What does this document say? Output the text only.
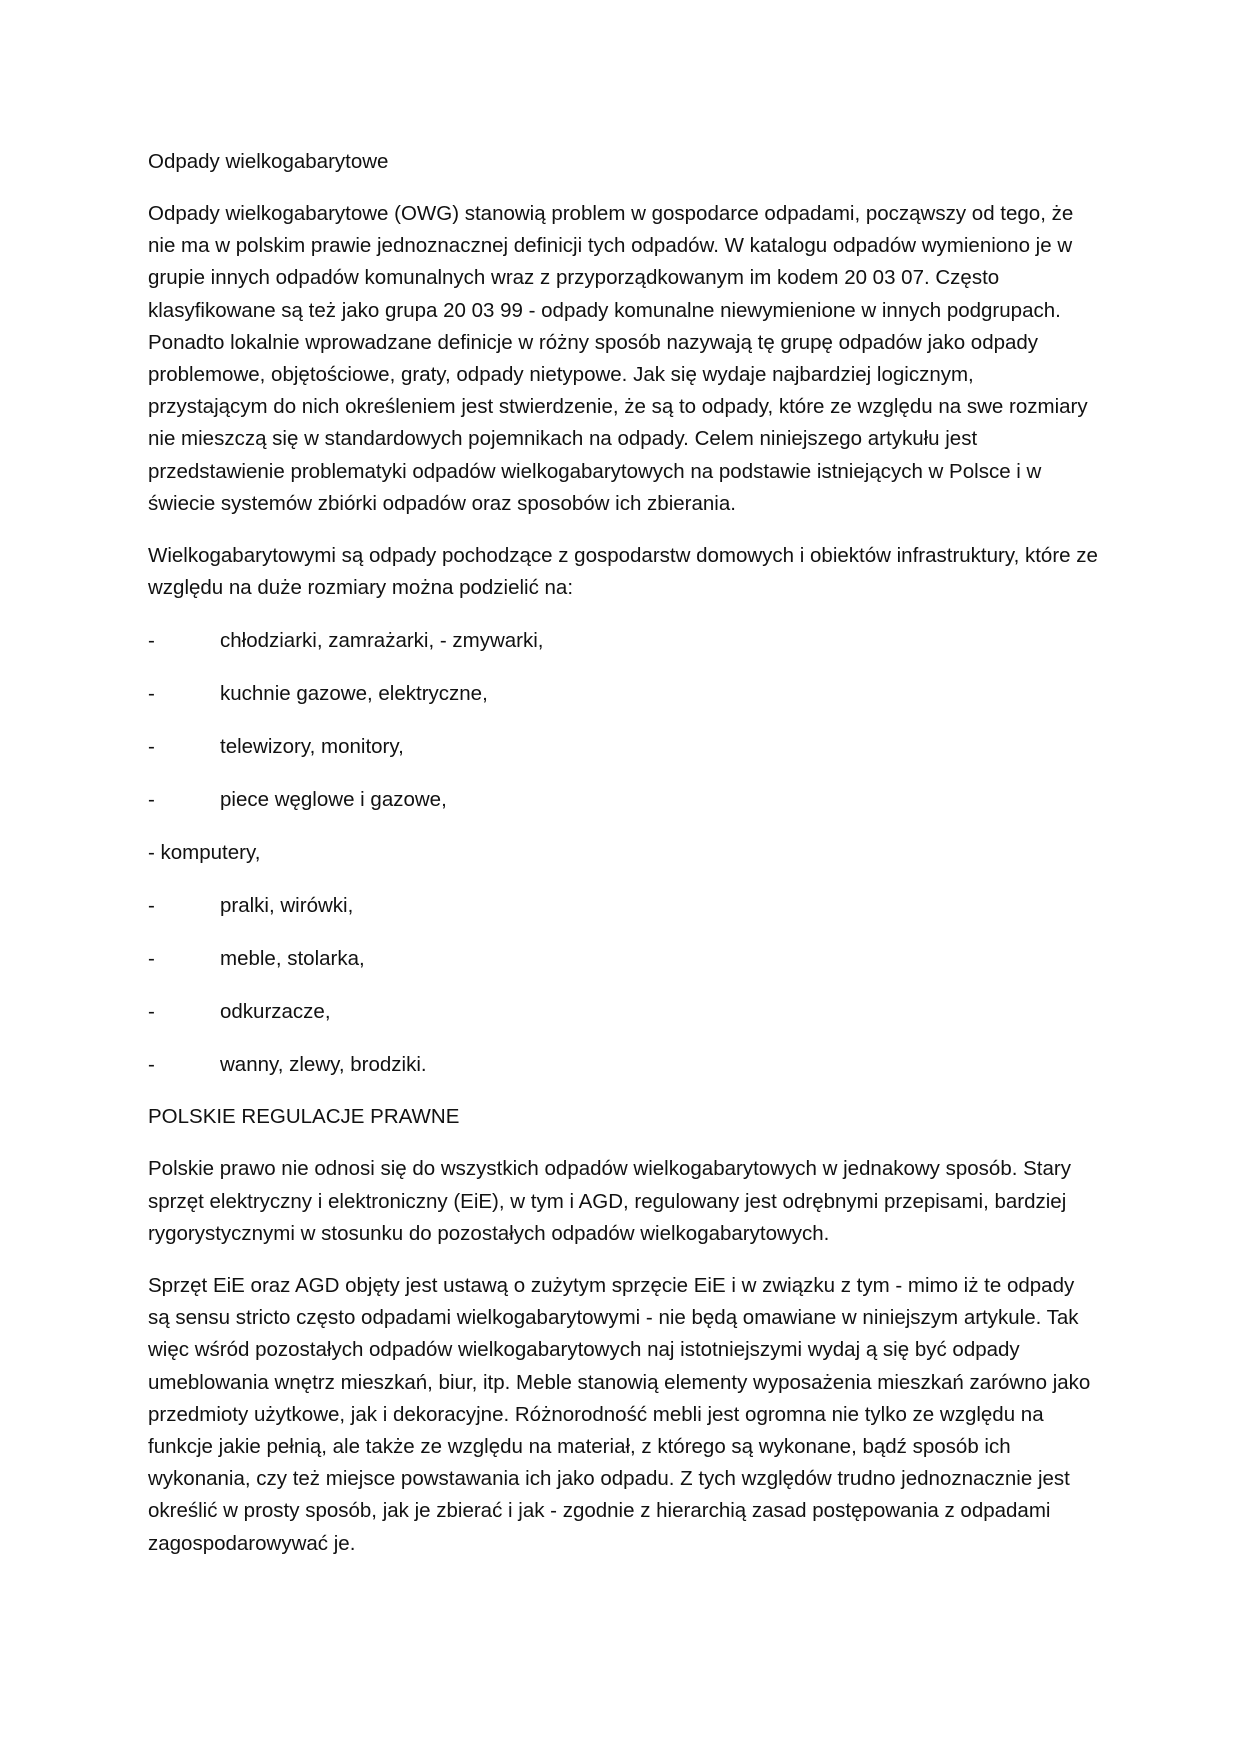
Odpady wielkogabarytowe

Odpady wielkogabarytowe (OWG) stanowią problem w gospodarce odpadami, począwszy od tego, że nie ma w polskim prawie jednoznacznej definicji tych odpadów. W katalogu odpadów wymieniono je w grupie innych odpadów komunalnych wraz z przyporządkowanym im kodem 20 03 07. Często klasyfikowane są też jako grupa 20 03 99 - odpady komunalne niewymienione w innych podgrupach. Ponadto lokalnie wprowadzane definicje w różny sposób nazywają tę grupę odpadów jako odpady problemowe, objętościowe, graty, odpady nietypowe. Jak się wydaje najbardziej logicznym, przystającym do nich określeniem jest stwierdzenie, że są to odpady, które ze względu na swe rozmiary nie mieszczą się w standardowych pojemnikach na odpady. Celem niniejszego artykułu jest przedstawienie problematyki odpadów wielkogabarytowych na podstawie istniejących w Polsce i w świecie systemów zbiórki odpadów oraz sposobów ich zbierania.

Wielkogabarytowymi są odpady pochodzące z gospodarstw domowych i obiektów infrastruktury, które ze względu na duże rozmiary można podzielić na:

-	chłodziarki, zamrażarki, - zmywarki,
-	kuchnie gazowe, elektryczne,
-	telewizory, monitory,
-	piece węglowe i gazowe,
- komputery,
-	pralki, wirówki,
-	meble, stolarka,
-	odkurzacze,
-	wanny, zlewy, brodziki.
POLSKIE REGULACJE PRAWNE

Polskie prawo nie odnosi się do wszystkich odpadów wielkogabarytowych w jednakowy sposób. Stary sprzęt elektryczny i elektroniczny (EiE), w tym i AGD, regulowany jest odrębnymi przepisami, bardziej rygorystycznymi w stosunku do pozostałych odpadów wielkogabarytowych.

Sprzęt EiE oraz AGD objęty jest ustawą o zużytym sprzęcie EiE i w związku z tym - mimo iż te odpady są sensu stricto często odpadami wielkogabarytowymi - nie będą omawiane w niniejszym artykule. Tak więc wśród pozostałych odpadów wielkogabarytowych naj istotniejszymi wydaj ą się być odpady umeblowania wnętrz mieszkań, biur, itp. Meble stanowią elementy wyposażenia mieszkań zarówno jako przedmioty użytkowe, jak i dekoracyjne. Różnorodność mebli jest ogromna nie tylko ze względu na funkcje jakie pełnią, ale także ze względu na materiał, z którego są wykonane, bądź sposób ich wykonania, czy też miejsce powstawania ich jako odpadu. Z tych względów trudno jednoznacznie jest określić w prosty sposób, jak je zbierać i jak - zgodnie z hierarchią zasad postępowania z odpadami zagospodarowywać je.
